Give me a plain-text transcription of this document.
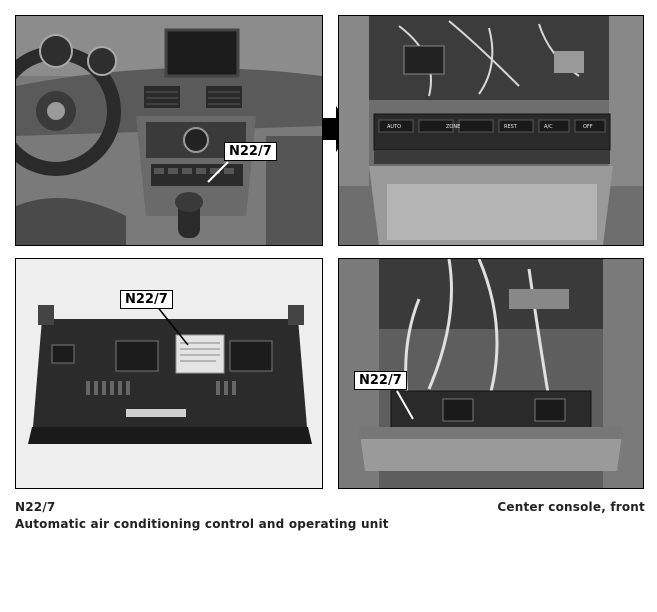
N22/7
AUTO	ZONE	REST	A/C	OFF
N22/7
N22/7
N22/7
Automatic air conditioning control and operating unit
Center console, front
